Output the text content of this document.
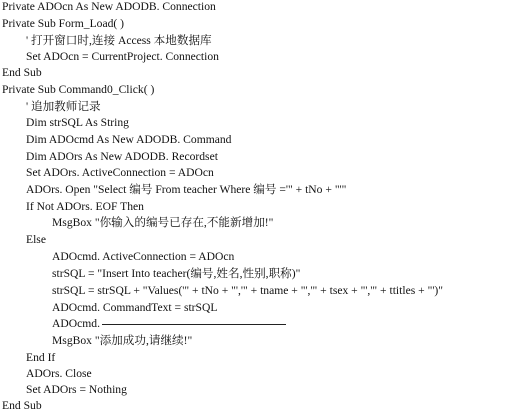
Private ADOcn As New ADODB. Connection
Private Sub Form_Load( )
' 打开窗口时,连接 Access 本地数据库
Set ADOcn = CurrentProject. Connection
End Sub
Private Sub Command0_Click( )
' 追加教师记录
Dim strSQL As String
Dim ADOcmd As New ADODB. Command
Dim ADOrs As New ADODB. Recordset
Set ADOrs. ActiveConnection = ADOcn
ADOrs. Open "Select 编号 From teacher Where 编号 ='" + tNo + "'"
If Not ADOrs. EOF Then
MsgBox "你输入的编号已存在,不能新增加!"
Else
ADOcmd. ActiveConnection = ADOcn
strSQL = "Insert Into teacher(编号,姓名,性别,职称)"
strSQL = strSQL + "Values('" + tNo + "','" + tname + "','" + tsex + "','" + ttitles + "')"
ADOcmd. CommandText = strSQL
ADOcmd.
MsgBox "添加成功,请继续!"
End If
ADOrs. Close
Set ADOrs = Nothing
End Sub
